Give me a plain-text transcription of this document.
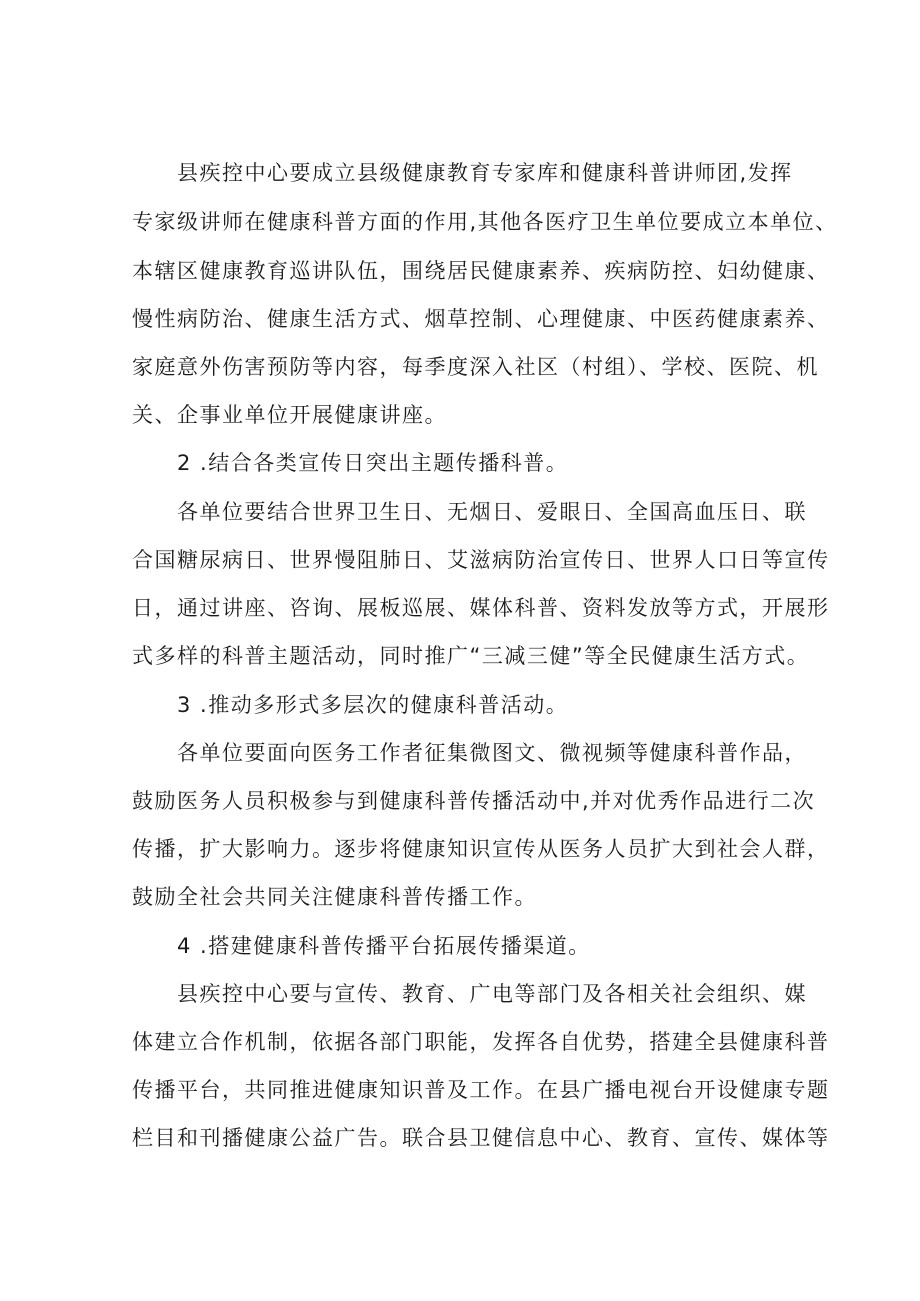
县疾控中心要成立县级健康教育专家库和健康科普讲师团,发挥
专家级讲师在健康科普方面的作用,其他各医疗卫生单位要成立本单位、
本辖区健康教育巡讲队伍，围绕居民健康素养、疾病防控、妇幼健康、
慢性病防治、健康生活方式、烟草控制、心理健康、中医药健康素养、
家庭意外伤害预防等内容，每季度深入社区（村组）、学校、医院、机
关、企事业单位开展健康讲座。
2 .结合各类宣传日突出主题传播科普。
各单位要结合世界卫生日、无烟日、爱眼日、全国高血压日、联
合国糖尿病日、世界慢阻肺日、艾滋病防治宣传日、世界人口日等宣传
日，通过讲座、咨询、展板巡展、媒体科普、资料发放等方式，开展形
式多样的科普主题活动，同时推广“三减三健”等全民健康生活方式。
3 .推动多形式多层次的健康科普活动。
各单位要面向医务工作者征集微图文、微视频等健康科普作品，
鼓励医务人员积极参与到健康科普传播活动中,并对优秀作品进行二次
传播，扩大影响力。逐步将健康知识宣传从医务人员扩大到社会人群，
鼓励全社会共同关注健康科普传播工作。
4 .搭建健康科普传播平台拓展传播渠道。
县疾控中心要与宣传、教育、广电等部门及各相关社会组织、媒
体建立合作机制，依据各部门职能，发挥各自优势，搭建全县健康科普
传播平台，共同推进健康知识普及工作。在县广播电视台开设健康专题
栏目和刊播健康公益广告。联合县卫健信息中心、教育、宣传、媒体等
